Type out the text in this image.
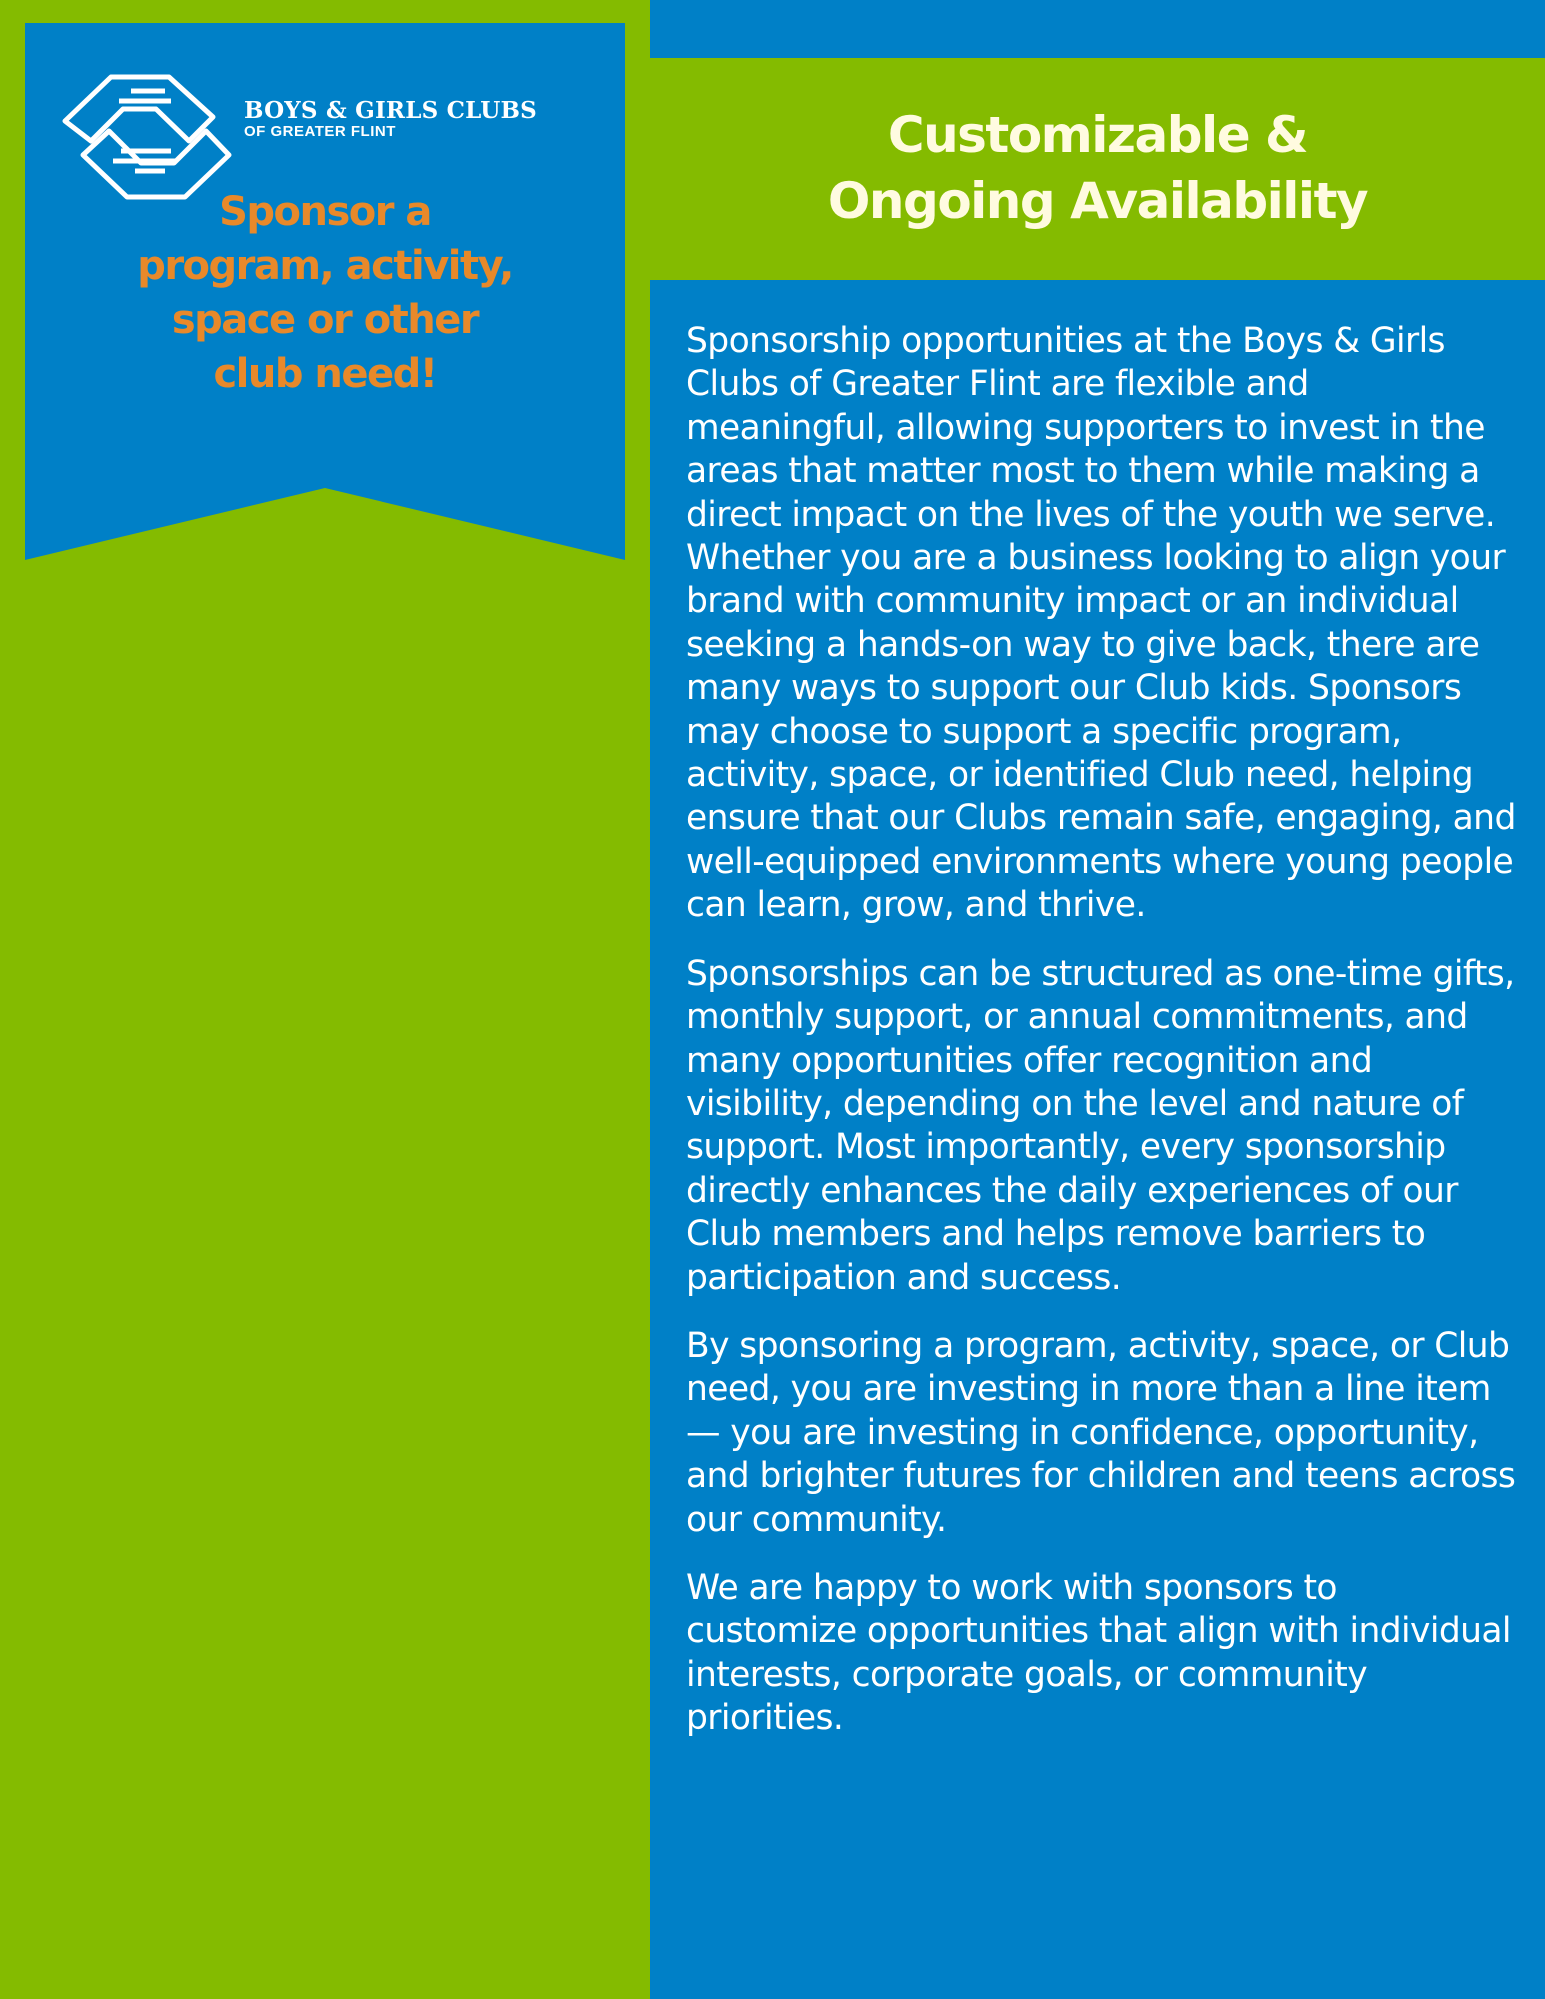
BOYS & GIRLS CLUBS
OF GREATER FLINT
Sponsor a
program, activity,
space or other
club need!
Customizable &
Ongoing Availability

Sponsorship opportunities at the Boys & Girls Clubs of Greater Flint are flexible and meaningful, allowing supporters to invest in the areas that matter most to them while making a direct impact on the lives of the youth we serve. Whether you are a business looking to align your brand with community impact or an individual seeking a hands-on way to give back, there are many ways to support our Club kids. Sponsors may choose to support a specific program, activity, space, or identified Club need, helping ensure that our Clubs remain safe, engaging, and well-equipped environments where young people can learn, grow, and thrive.

Sponsorships can be structured as one-time gifts, monthly support, or annual commitments, and many opportunities offer recognition and visibility, depending on the level and nature of support. Most importantly, every sponsorship directly enhances the daily experiences of our Club members and helps remove barriers to participation and success.

By sponsoring a program, activity, space, or Club need, you are investing in more than a line item — you are investing in confidence, opportunity, and brighter futures for children and teens across our community.

We are happy to work with sponsors to customize opportunities that align with individual interests, corporate goals, or community priorities.
